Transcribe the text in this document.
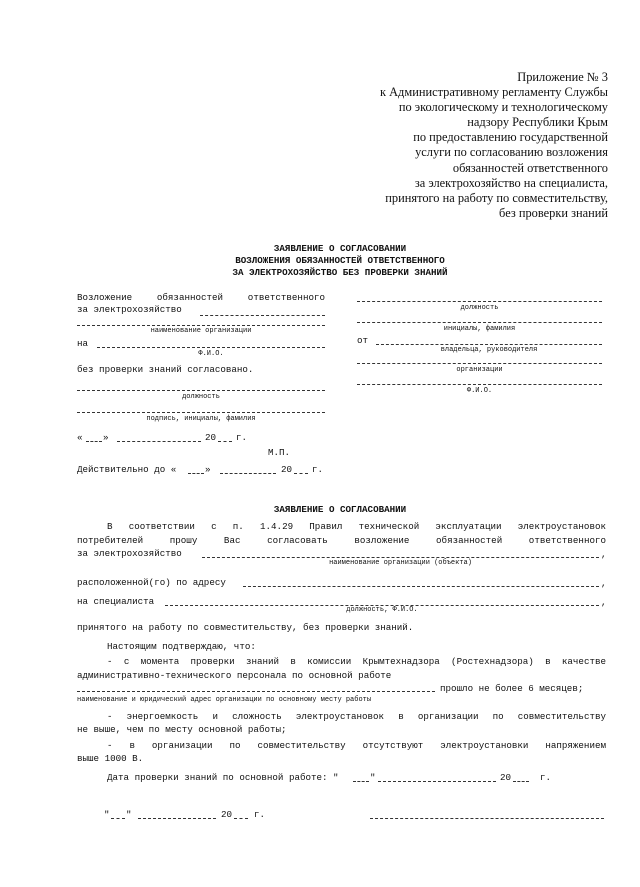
Приложение № 3
к Административному регламенту Службы
по экологическому и технологическому
надзору Республики Крым
по предоставлению государственной
услуги по согласованию возложения
обязанностей ответственного
за электрохозяйство на специалиста,
принятого на работу по совместительству,
без проверки знаний
ЗАЯВЛЕНИЕ О СОГЛАСОВАНИИ
ВОЗЛОЖЕНИЯ ОБЯЗАННОСТЕЙ ОТВЕТСТВЕННОГО
ЗА ЭЛЕКТРОХОЗЯЙСТВО БЕЗ ПРОВЕРКИ ЗНАНИЙ
Возложение обязанностей ответственного
за электрохозяйство
наименование организации
на
Ф.И.О.
без проверки знаний согласовано.
должность
подпись, инициалы, фамилия
« »	20 г.
М.П.
Действительно до «	»	20 г.
должность
инициалы, фамилия
от
владельца, руководителя
организации
Ф.И.О.
ЗАЯВЛЕНИЕ О СОГЛАСОВАНИИ
В соответствии с п. 1.4.29 Правил технической эксплуатации электроустановок
потребителей прошу Вас согласовать возложение обязанностей ответственного
за электрохозяйство	,
наименование организации (объекта)
расположенной(го) по адресу	,
на специалиста	,
должность, Ф.И.О.
принятого на работу по совместительству, без проверки знаний.
Настоящим подтверждаю, что:
- с момента проверки знаний в комиссии Крымтехнадзора (Ростехнадзора) в качестве
административно-технического персонала по основной работе
прошло не более 6 месяцев;
наименование и юридический адрес организации по основному месту работы
- энергоемкость и сложность электроустановок в организации по совместительству
не выше, чем по месту основной работы;
- в организации по совместительству отсутствуют электроустановки напряжением
выше 1000 В.
Дата проверки знаний по основной работе: "	"	20	г.
" "	20 г.
